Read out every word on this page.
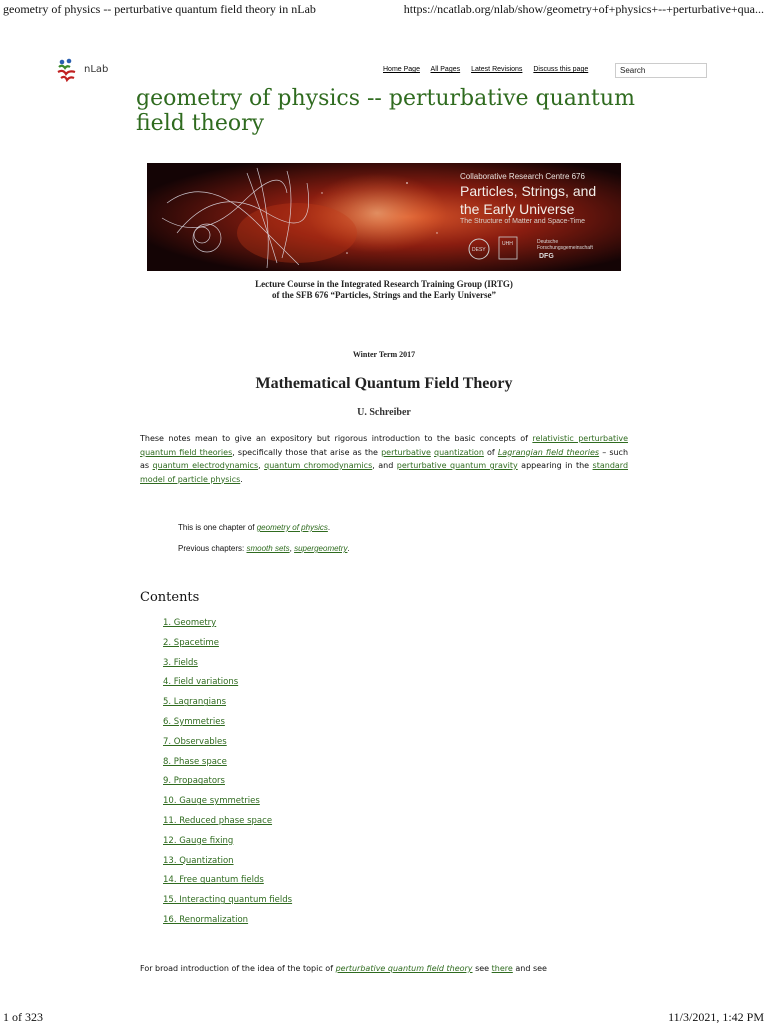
geometry of physics -- perturbative quantum field theory in nLab	https://ncatlab.org/nlab/show/geometry+of+physics+--+perturbative+qua...
nLab	Home Page All Pages Latest Revisions Discuss this page	Search
geometry of physics -- perturbative quantum field theory
Collaborative Research Centre 676
Particles, Strings, and
the Early Universe
The Structure of Matter and Space-Time
DESY
UHH	Deutsche Forschungsgemeinschaft
DFG
Lecture Course in the Integrated Research Training Group (IRTG)
of the SFB 676 “Particles, Strings and the Early Universe”
Winter Term 2017
Mathematical Quantum Field Theory
U. Schreiber
These notes mean to give an expository but rigorous introduction to the basic concepts of relativistic perturbative quantum field theories, specifically those that arise as the perturbative quantization of Lagrangian field theories – such as quantum electrodynamics, quantum chromodynamics, and perturbative quantum gravity appearing in the standard model of particle physics.
This is one chapter of geometry of physics.
Previous chapters: smooth sets, supergeometry.
Contents
1. Geometry
2. Spacetime
3. Fields
4. Field variations
5. Lagrangians
6. Symmetries
7. Observables
8. Phase space
9. Propagators
10. Gauge symmetries
11. Reduced phase space
12. Gauge fixing
13. Quantization
14. Free quantum fields
15. Interacting quantum fields
16. Renormalization
For broad introduction of the idea of the topic of perturbative quantum field theory see there and see
1 of 323	11/3/2021, 1:42 PM
